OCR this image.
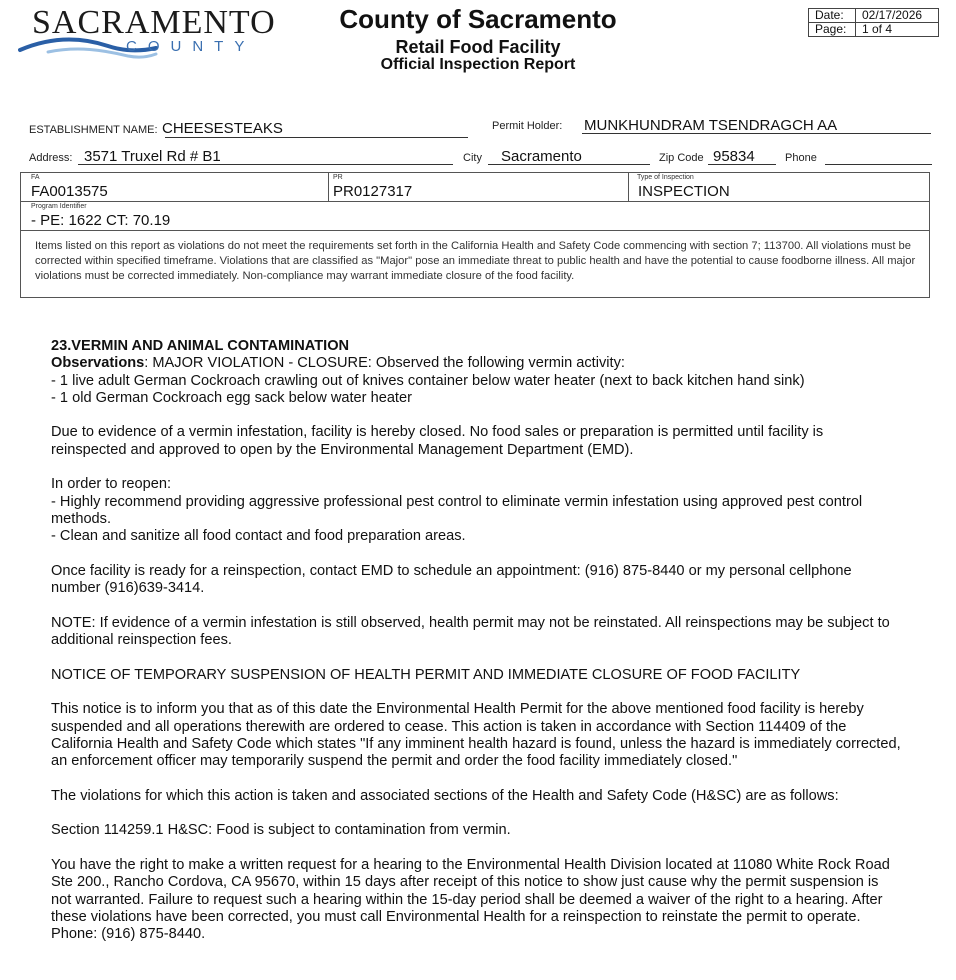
SACRAMENTO
COUNTY
County of Sacramento
Retail Food Facility
Official Inspection Report
Date:	02/17/2026
Page:	1 of 4
ESTABLISHMENT NAME: CHEESESTEAKS	Permit Holder: MUNKHUNDRAM TSENDRAGCH AA
Address: 3571 Truxel Rd # B1	City Sacramento	Zip Code 95834	Phone
FA
FA0013575
PR
PR0127317
Type of Inspection
INSPECTION
Program Identifier
- PE: 1622 CT: 70.19
Items listed on this report as violations do not meet the requirements set forth in the California Health and Safety Code commencing with section 7; 113700. All violations must be corrected within specified timeframe. Violations that are classified as "Major" pose an immediate threat to public health and have the potential to cause foodborne illness. All major violations must be corrected immediately. Non-compliance may warrant immediate closure of the food facility.
23.VERMIN AND ANIMAL CONTAMINATION
Observations: MAJOR VIOLATION - CLOSURE: Observed the following vermin activity:
- 1 live adult German Cockroach crawling out of knives container below water heater (next to back kitchen hand sink)

- 1 old German Cockroach egg sack below water heater

Due to evidence of a vermin infestation, facility is hereby closed. No food sales or preparation is permitted until facility is reinspected and approved to open by the Environmental Management Department (EMD).

In order to reopen:
- Highly recommend providing aggressive professional pest control to eliminate vermin infestation using approved pest control methods.

- Clean and sanitize all food contact and food preparation areas.

Once facility is ready for a reinspection, contact EMD to schedule an appointment: (916) 875-8440 or my personal cellphone number (916)639-3414.

NOTE: If evidence of a vermin infestation is still observed, health permit may not be reinstated. All reinspections may be subject to additional reinspection fees.

NOTICE OF TEMPORARY SUSPENSION OF HEALTH PERMIT AND IMMEDIATE CLOSURE OF FOOD FACILITY

This notice is to inform you that as of this date the Environmental Health Permit for the above mentioned food facility is hereby suspended and all operations therewith are ordered to cease. This action is taken in accordance with Section 114409 of the California Health and Safety Code which states "If any imminent health hazard is found, unless the hazard is immediately corrected, an enforcement officer may temporarily suspend the permit and order the food facility immediately closed."

The violations for which this action is taken and associated sections of the Health and Safety Code (H&SC) are as follows:

Section 114259.1 H&SC: Food is subject to contamination from vermin.

You have the right to make a written request for a hearing to the Environmental Health Division located at 11080 White Rock Road Ste 200., Rancho Cordova, CA 95670, within 15 days after receipt of this notice to show just cause why the permit suspension is not warranted. Failure to request such a hearing within the 15-day period shall be deemed a waiver of the right to a hearing. After these violations have been corrected, you must call Environmental Health for a reinspection to reinstate the permit to operate. Phone: (916) 875-8440.
